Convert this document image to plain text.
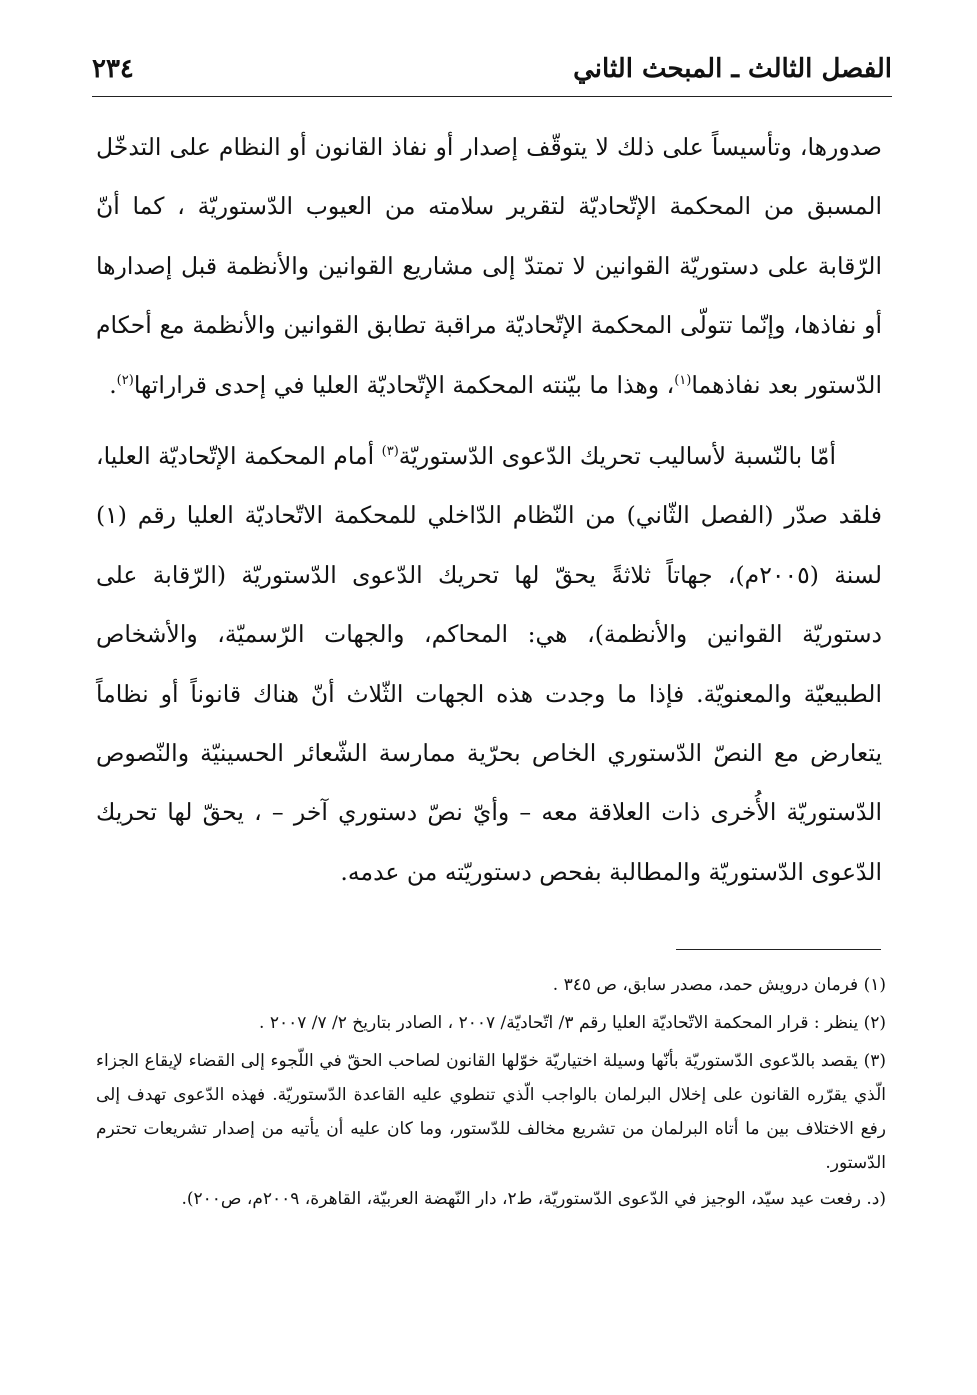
الفصل الثالث ـ المبحث الثاني
٢٣٤

صدورها، وتأسيساً على ذلك لا يتوقّف إصدار أو نفاذ القانون أو النظام على التدخّل المسبق من المحكمة الإتّحاديّة لتقرير سلامته من العيوب الدّستوريّة ، كما أنّ الرّقابة على دستوريّة القوانين لا تمتدّ إلى مشاريع القوانين والأنظمة قبل إصدارها أو نفاذها، وإنّما تتولّى المحكمة الإتّحاديّة مراقبة تطابق القوانين والأنظمة مع أحكام الدّستور بعد نفاذهما$^{(١)}$، وهذا ما بيّنته المحكمة الإتّحاديّة العليا في إحدى قراراتها$^{(٢)}$.

أمّا بالنّسبة لأساليب تحريك الدّعوى الدّستوريّة$^{(٣)}$ أمام المحكمة الإتّحاديّة العليا، فلقد صدّر (الفصل الثّاني) من النّظام الدّاخلي للمحكمة الاتّحاديّة العليا رقم (١) لسنة (٢٠٠٥م)، جهاتاً ثلاثةً يحقّ لها تحريك الدّعوى الدّستوريّة (الرّقابة على دستوريّة القوانين والأنظمة)، هي: المحاكم، والجهات الرّسميّة، والأشخاص الطبيعيّة والمعنويّة. فإذا ما وجدت هذه الجهات الثّلاث أنّ هناك قانوناً أو نظاماً يتعارض مع النصّ الدّستوري الخاص بحرّية ممارسة الشّعائر الحسينيّة والنّصوص الدّستوريّة الأُخرى ذات العلاقة معه – وأيّ نصّ دستوري آخر – ، يحقّ لها تحريك الدّعوى الدّستوريّة والمطالبة بفحص دستوريّته من عدمه.

(١) فرمان درويش حمد، مصدر سابق، ص ٣٤٥ .

(٢) ينظر : قرار المحكمة الاتّحاديّة العليا رقم ٣/ اتّحاديّة/ ٢٠٠٧ ، الصادر بتاريخ ٢/ ٧/ ٢٠٠٧ .

(٣) يقصد بالدّعوى الدّستوريّة بأنّها وسيلة اختياريّة خوّلها القانون لصاحب الحقّ في اللّجوء إلى القضاء لإيقاع الجزاء الّذي يقرّره القانون على إخلال البرلمان بالواجب الّذي تنطوي عليه القاعدة الدّستوريّة. فهذه الدّعوى تهدف إلى رفع الاختلاف بين ما أتاه البرلمان من تشريع مخالف للدّستور، وما كان عليه أن يأتيه من إصدار تشريعات تحترم الدّستور.

(د. رفعت عيد سيّد، الوجيز في الدّعوى الدّستوريّة، ط٢، دار النّهضة العربيّة، القاهرة، ٢٠٠٩م، ص٢٠٠).
